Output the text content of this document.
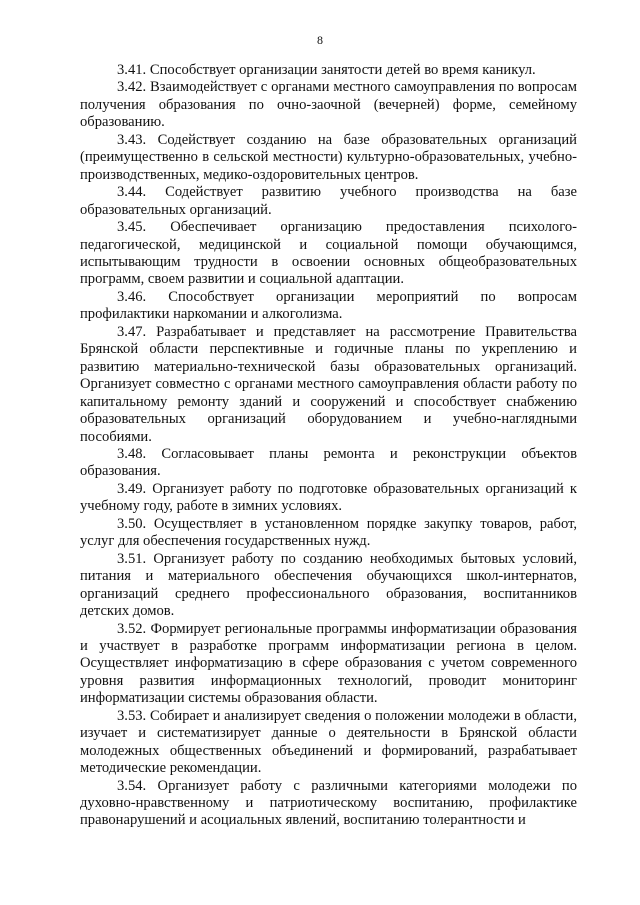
8

3.41. Способствует организации занятости детей во время каникул.

3.42. Взаимодействует с органами местного самоуправления по вопросам получения образования по очно-заочной (вечерней) форме, семейному образованию.

3.43. Содействует созданию на базе образовательных организаций (преимущественно в сельской местности) культурно-образовательных, учебно-производственных, медико-оздоровительных центров.

3.44. Содействует развитию учебного производства на базе образовательных организаций.

3.45. Обеспечивает организацию предоставления психолого-педагогической, медицинской и социальной помощи обучающимся, испытывающим трудности в освоении основных общеобразовательных программ, своем развитии и социальной адаптации.

3.46. Способствует организации мероприятий по вопросам профилактики наркомании и алкоголизма.

3.47. Разрабатывает и представляет на рассмотрение Правительства Брянской области перспективные и годичные планы по укреплению и развитию материально-технической базы образовательных организаций. Организует совместно с органами местного самоуправления области работу по капитальному ремонту зданий и сооружений и способствует снабжению образовательных организаций оборудованием и учебно-наглядными пособиями.

3.48. Согласовывает планы ремонта и реконструкции объектов образования.

3.49. Организует работу по подготовке образовательных организаций к учебному году, работе в зимних условиях.

3.50. Осуществляет в установленном порядке закупку товаров, работ, услуг для обеспечения государственных нужд.

3.51. Организует работу по созданию необходимых бытовых условий, питания и материального обеспечения обучающихся школ-интернатов, организаций среднего профессионального образования, воспитанников детских домов.

3.52. Формирует региональные программы информатизации образования и участвует в разработке программ информатизации региона в целом. Осуществляет информатизацию в сфере образования с учетом современного уровня развития информационных технологий, проводит мониторинг информатизации системы образования области.

3.53. Собирает и анализирует сведения о положении молодежи в области, изучает и систематизирует данные о деятельности в Брянской области молодежных общественных объединений и формирований, разрабатывает методические рекомендации.

3.54. Организует работу с различными категориями молодежи по духовно-нравственному и патриотическому воспитанию, профилактике правонарушений и асоциальных явлений, воспитанию толерантности и
